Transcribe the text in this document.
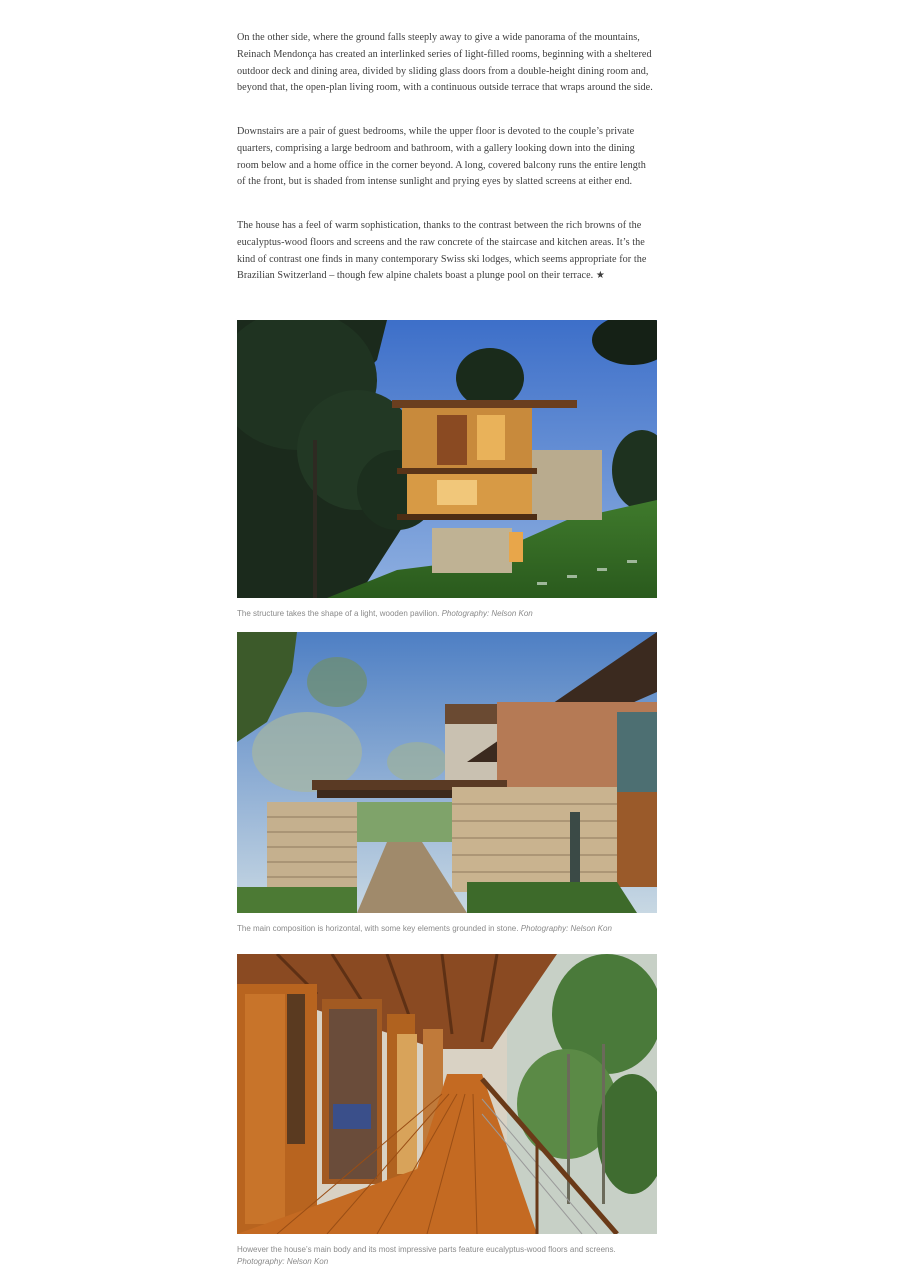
On the other side, where the ground falls steeply away to give a wide panorama of the mountains, Reinach Mendonça has created an interlinked series of light-filled rooms, beginning with a sheltered outdoor deck and dining area, divided by sliding glass doors from a double-height dining room and, beyond that, the open-plan living room, with a continuous outside terrace that wraps around the side.

Downstairs are a pair of guest bedrooms, while the upper floor is devoted to the couple’s private quarters, comprising a large bedroom and bathroom, with a gallery looking down into the dining room below and a home office in the corner beyond. A long, covered balcony runs the entire length of the front, but is shaded from intense sunlight and prying eyes by slatted screens at either end.

The house has a feel of warm sophistication, thanks to the contrast between the rich browns of the eucalyptus-wood floors and screens and the raw concrete of the staircase and kitchen areas. It’s the kind of contrast one finds in many contemporary Swiss ski lodges, which seems appropriate for the Brazilian Switzerland – though few alpine chalets boast a plunge pool on their terrace. ★

The structure takes the shape of a light, wooden pavilion. Photography: Nelson Kon
The main composition is horizontal, with some key elements grounded in stone. Photography: Nelson Kon
However the house’s main body and its most impressive parts feature eucalyptus-wood floors and screens.
Photography: Nelson Kon
